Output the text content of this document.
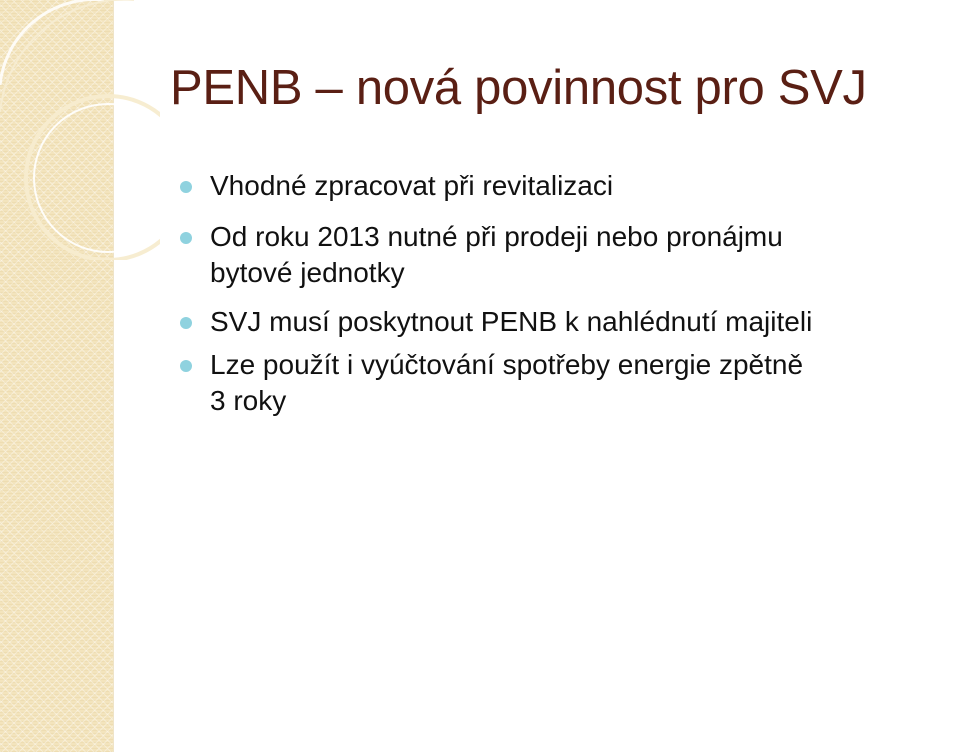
PENB – nová povinnost pro SVJ
Vhodné zpracovat při revitalizaci
Od roku 2013 nutné při prodeji nebo pronájmu
bytové jednotky
SVJ musí poskytnout PENB k nahlédnutí majiteli
Lze použít i vyúčtování spotřeby energie zpětně
3 roky
